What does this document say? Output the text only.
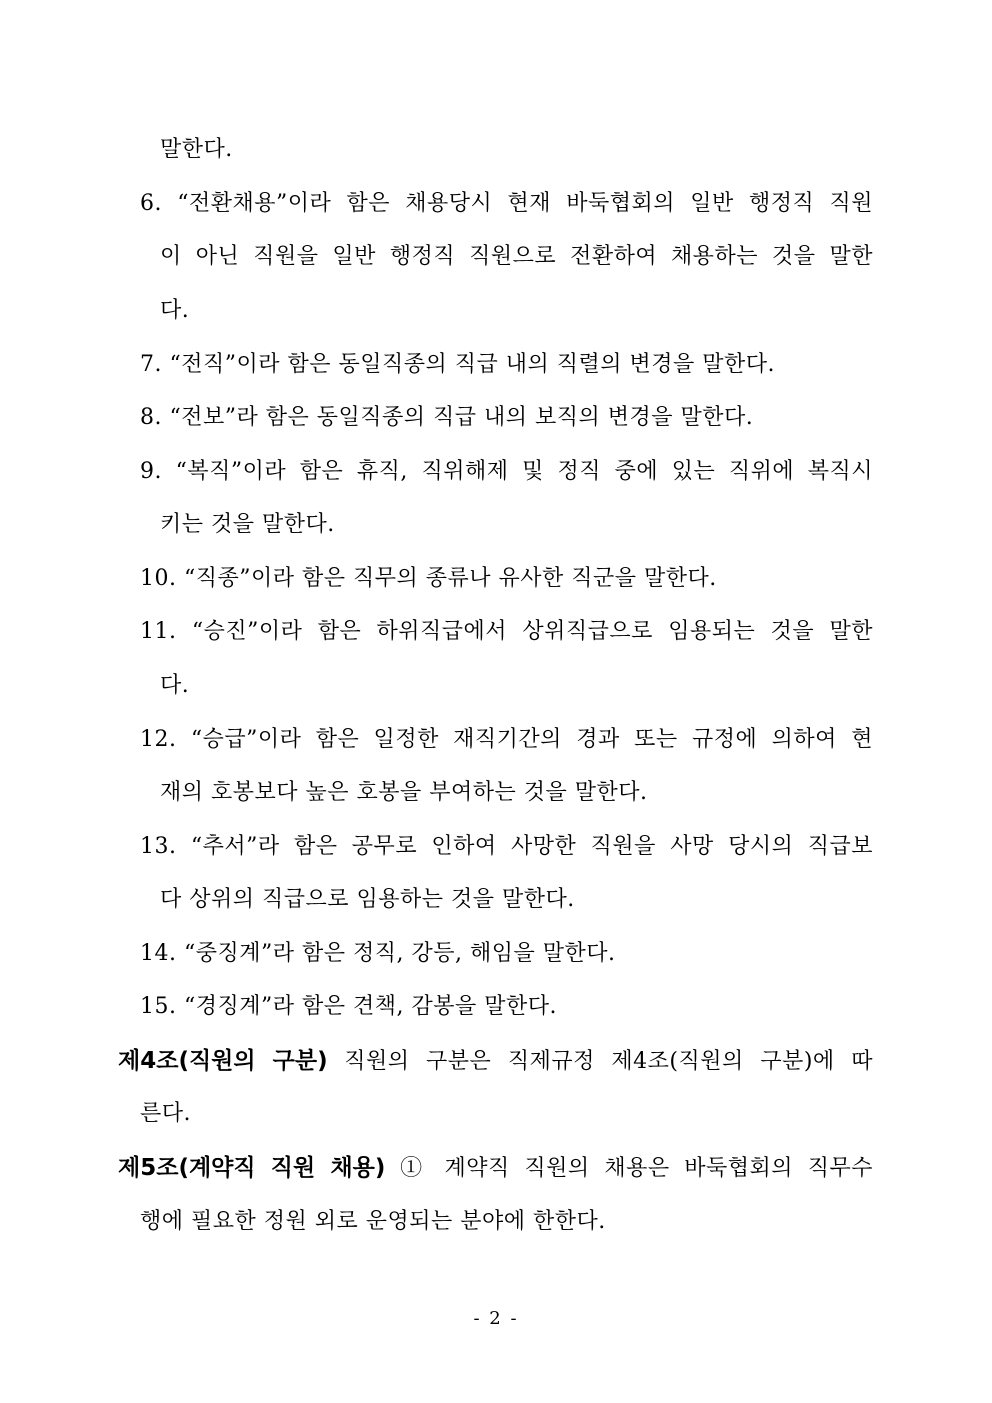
말한다.
6. “전환채용”이라 함은 채용당시 현재 바둑협회의 일반 행정직 직원
이 아닌 직원을 일반 행정직 직원으로 전환하여 채용하는 것을 말한
다.
7. “전직”이라 함은 동일직종의 직급 내의 직렬의 변경을 말한다.
8. “전보”라 함은 동일직종의 직급 내의 보직의 변경을 말한다.
9. “복직”이라 함은 휴직, 직위해제 및 정직 중에 있는 직위에 복직시
키는 것을 말한다.
10. “직종”이라 함은 직무의 종류나 유사한 직군을 말한다.
11. “승진”이라 함은 하위직급에서 상위직급으로 임용되는 것을 말한
다.
12. “승급”이라 함은 일정한 재직기간의 경과 또는 규정에 의하여 현
재의 호봉보다 높은 호봉을 부여하는 것을 말한다.
13. “추서”라 함은 공무로 인하여 사망한 직원을 사망 당시의 직급보
다 상위의 직급으로 임용하는 것을 말한다.
14. “중징계”라 함은 정직, 강등, 해임을 말한다.
15. “경징계”라 함은 견책, 감봉을 말한다.
제4조(직원의 구분) 직원의 구분은 직제규정 제4조(직원의 구분)에 따
른다.
제5조(계약직 직원 채용) ① 계약직 직원의 채용은 바둑협회의 직무수
행에 필요한 정원 외로 운영되는 분야에 한한다.
- 2 -
